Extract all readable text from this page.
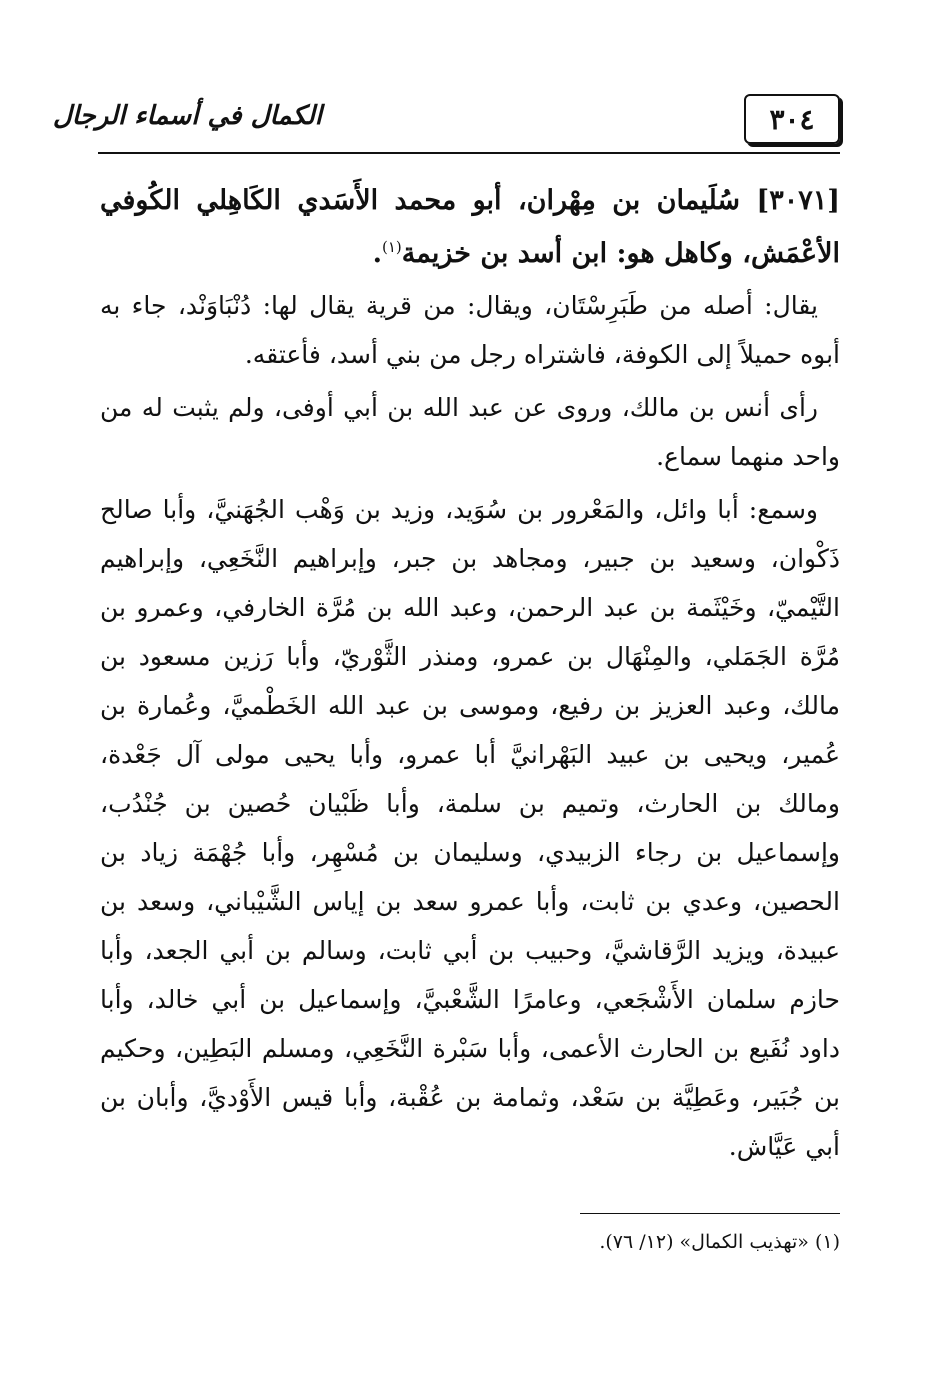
٣٠٤
الكمال في أسماء الرجال
[٣٠٧١] سُلَيمان بن مِهْران، أبو محمد الأَسَدي الكَاهِلي الكُوفي الأعْمَش، وكاهل هو: ابن أسد بن خزيمة$^{(١)}$.

يقال: أصله من طَبَرِسْتَان، ويقال: من قرية يقال لها: دُنْبَاوَنْد، جاء به أبوه حميلاً إلى الكوفة، فاشتراه رجل من بني أسد، فأعتقه.

رأى أنس بن مالك، وروى عن عبد الله بن أبي أوفى، ولم يثبت له من واحد منهما سماع.

وسمع: أبا وائل، والمَعْرور بن سُوَيد، وزيد بن وَهْب الجُهَنيَّ، وأبا صالح ذَكْوان، وسعيد بن جبير، ومجاهد بن جبر، وإبراهيم النَّخَعِي، وإبراهيم التَّيْميّ، وخَيْثَمة بن عبد الرحمن، وعبد الله بن مُرَّة الخارفي، وعمرو بن مُرَّة الجَمَلي، والمِنْهَال بن عمرو، ومنذر الثَّوْريّ، وأبا رَزين مسعود بن مالك، وعبد العزيز بن رفيع، وموسى بن عبد الله الخَطْميَّ، وعُمارة بن عُمير، ويحيى بن عبيد البَهْرانيَّ أبا عمرو، وأبا يحيى مولى آل جَعْدة، ومالك بن الحارث، وتميم بن سلمة، وأبا ظَبْيان حُصين بن جُنْدُب، وإسماعيل بن رجاء الزبيدي، وسليمان بن مُسْهِر، وأبا جُهْمَة زياد بن الحصين، وعدي بن ثابت، وأبا عمرو سعد بن إياس الشَّيْباني، وسعد بن عبيدة، ويزيد الرَّقاشيَّ، وحبيب بن أبي ثابت، وسالم بن أبي الجعد، وأبا حازم سلمان الأَشْجَعي، وعامرًا الشَّعْبيَّ، وإسماعيل بن أبي خالد، وأبا داود نُفَيع بن الحارث الأعمى، وأبا سَبْرة النَّخَعِي، ومسلم البَطِين، وحكيم بن جُبَير، وعَطِيَّة بن سَعْد، وثمامة بن عُقْبة، وأبا قيس الأَوْديَّ، وأبان بن أبي عَيَّاش.

(١) «تهذيب الكمال» (١٢/ ٧٦).
